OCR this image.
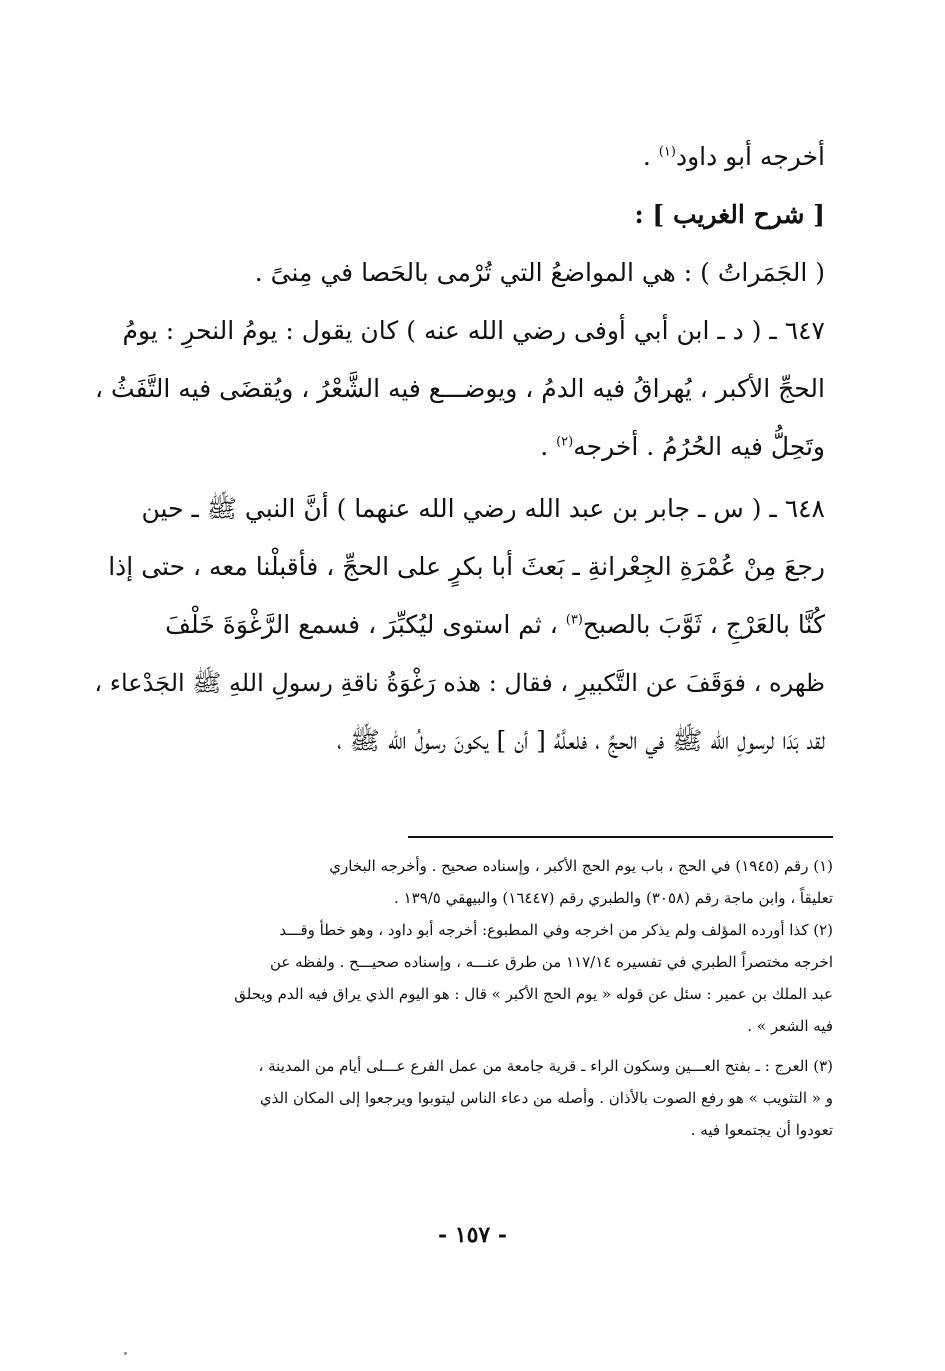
أخرجه أبو داود$^{(١)}$ .
[ شرح الغريب ] :
( الجَمَراتُ ) : هي المواضعُ التي تُرْمى بالحَصا في مِنىً .
٦٤٧ ـ ( د ـ ابن أبي أوفى رضي الله عنه ) كان يقول : يومُ النحرِ : يومُ
الحجِّ الأكبر ، يُهراقُ فيه الدمُ ، ويوضـــع فيه الشَّعْرُ ، ويُقضَى فيه التَّفَثُ ،
وتَحِلُّ فيه الحُرُمُ . أخرجه$^{(٢)}$ .
٦٤٨ ـ ( س ـ جابر بن عبد الله رضي الله عنهما ) أنَّ النبي ﷺ ـ حين
رجعَ مِنْ عُمْرَةِ الجِعْرانةِ ـ بَعثَ أبا بكرٍ على الحجِّ ، فأقبلْنا معه ، حتى إذا
كُنَّا بالعَرْجِ ، ثَوَّبَ بالصبح$^{(٣)}$ ، ثم استوى ليُكبِّرَ ، فسمع الرَّغْوَةَ خَلْفَ
ظهره ، فوَقَفَ عن التَّكبيرِ ، فقال : هذه رَغْوَةُ ناقةِ رسولِ اللهِ ﷺ الجَدْعاء ،
لقد بَدَا لرسولِ الله ﷺ في الحجِّ ، فلعلَّهُ [ أن ] يكونَ رسولُ الله ﷺ ،
(١) رقم (١٩٤٥) في الحج ، باب يوم الحج الأكبر ، وإسناده صحيح . وأخرجه البخاري
تعليقاً ، وابن ماجة رقم (٣٠٥٨) والطبري رقم (١٦٤٤٧) والبيهقي ١٣٩/٥ .
(٢) كذا أورده المؤلف ولم يذكر من اخرجه وفي المطبوع: أخرجه أبو داود ، وهو خطأ وقـــد
اخرجه مختصراً الطبري في تفسيره ١١٧/١٤ من طرق عنـــه ، وإسناده صحيـــح . ولفظه عن
عبد الملك بن عمير : سئل عن قوله « يوم الحج الأكبر » قال : هو اليوم الذي يراق فيه الدم ويحلق
فيه الشعر » .
(٣) العرج : ـ بفتح العـــين وسكون الراء ـ قرية جامعة من عمل الفرع عـــلى أيام من المدينة ،
و « التثويب » هو رفع الصوت بالأذان . وأصله من دعاء الناس ليتوبوا ويرجعوا إلى المكان الذي
تعودوا أن يجتمعوا فيه .
- ١٥٧ -
